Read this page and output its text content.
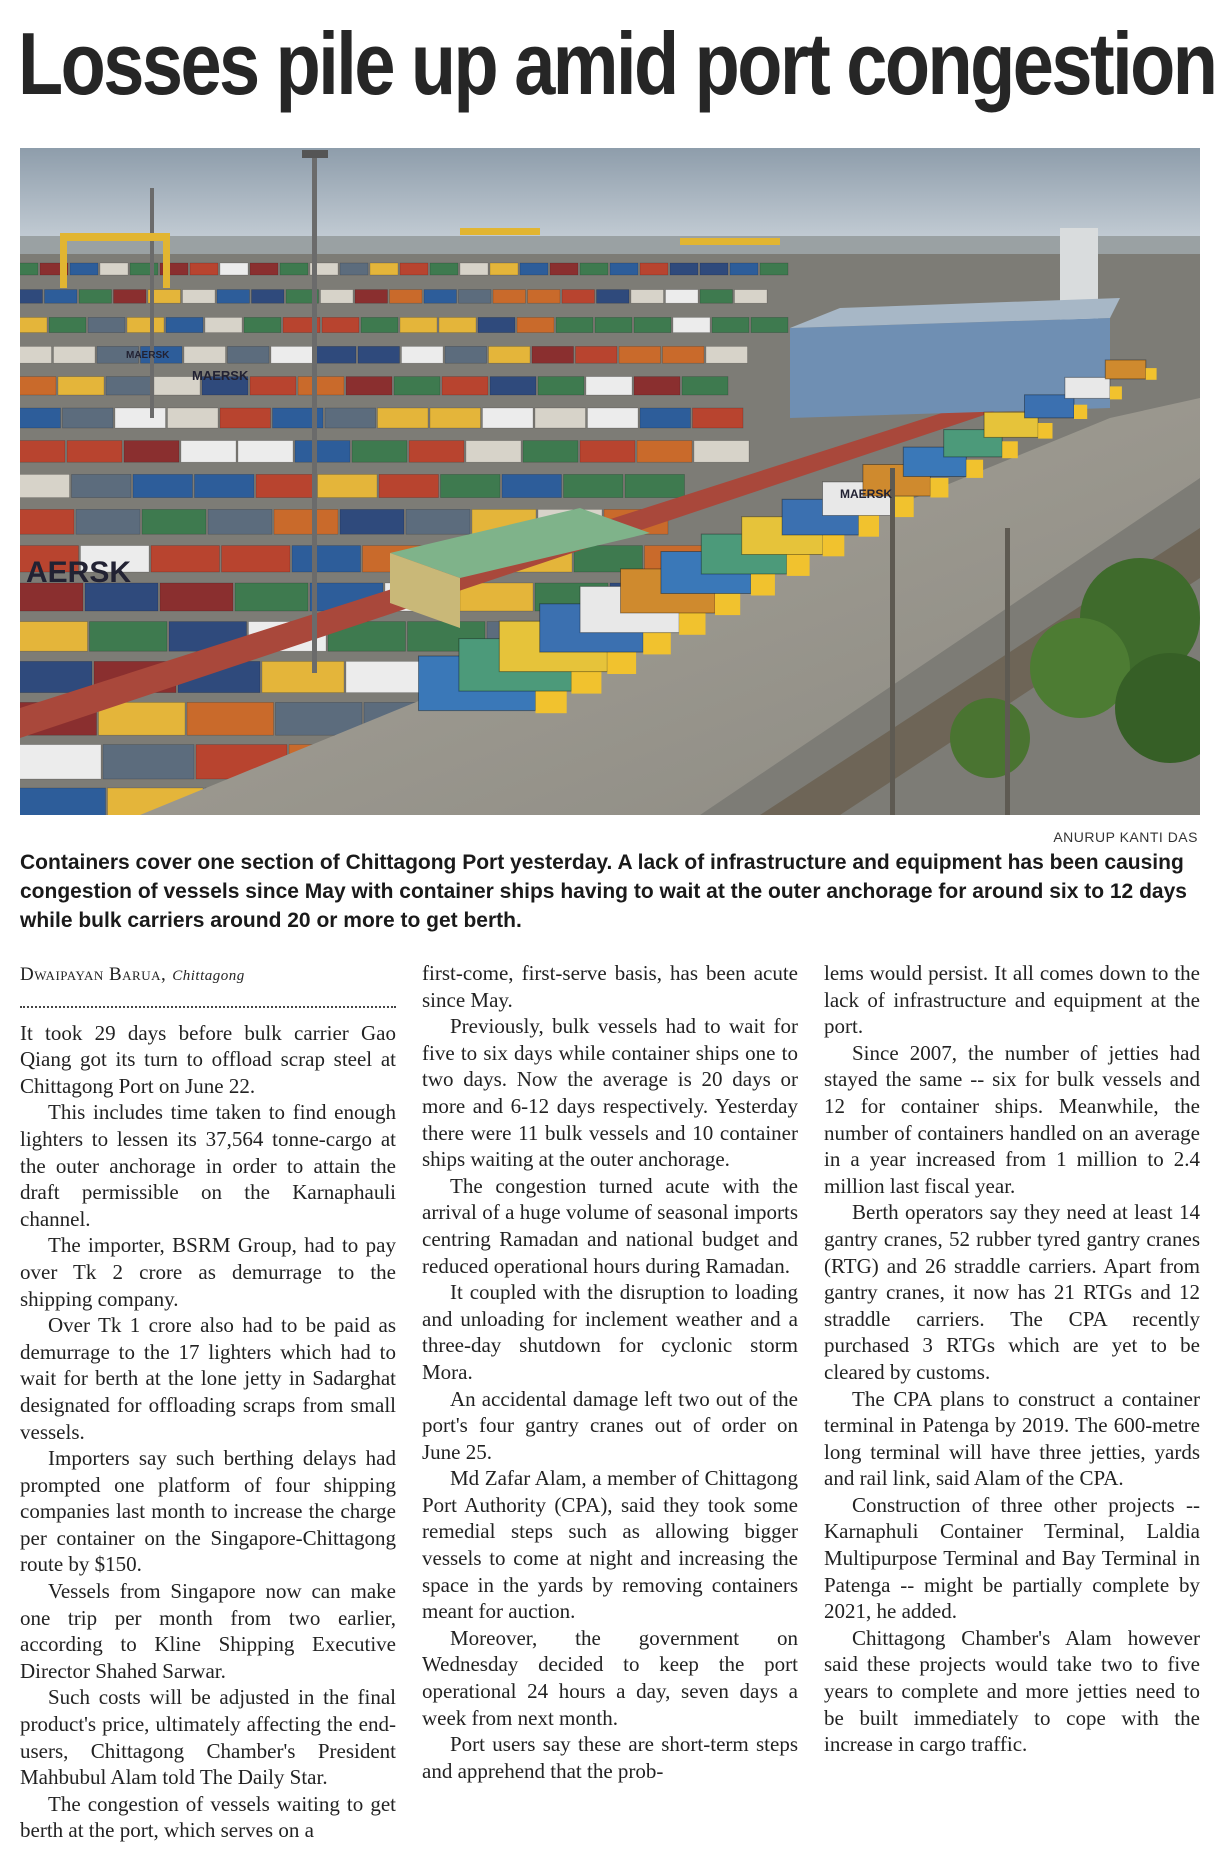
Losses pile up amid port congestion
AERSK
MAERSK
MAERSK
MAERSK
ANURUP KANTI DAS
Containers cover one section of Chittagong Port yesterday. A lack of infrastructure and equipment has been causing congestion of vessels since May with container ships having to wait at the outer anchorage for around six to 12 days while bulk carriers around 20 or more to get berth.
Dwaipayan Barua, Chittagong

It took 29 days before bulk carrier Gao Qiang got its turn to offload scrap steel at Chittagong Port on June 22.

This includes time taken to find enough lighters to lessen its 37,564 tonne-cargo at the outer anchorage in order to attain the draft permissible on the Karnaphauli channel.

The importer, BSRM Group, had to pay over Tk 2 crore as demurrage to the shipping company.

Over Tk 1 crore also had to be paid as demurrage to the 17 lighters which had to wait for berth at the lone jetty in Sadarghat designated for offloading scraps from small vessels.

Importers say such berthing delays had prompted one platform of four shipping companies last month to increase the charge per container on the Singapore-Chittagong route by $150.

Vessels from Singapore now can make one trip per month from two earlier, according to Kline Shipping Executive Director Shahed Sarwar.

Such costs will be adjusted in the final product's price, ultimately affecting the end-users, Chittagong Chamber's President Mahbubul Alam told The Daily Star.

The congestion of vessels waiting to get berth at the port, which serves on a

first-come, first-serve basis, has been acute since May.

Previously, bulk vessels had to wait for five to six days while container ships one to two days. Now the average is 20 days or more and 6-12 days respectively. Yesterday there were 11 bulk vessels and 10 container ships waiting at the outer anchorage.

The congestion turned acute with the arrival of a huge volume of seasonal imports centring Ramadan and national budget and reduced operational hours during Ramadan.

It coupled with the disruption to loading and unloading for inclement weather and a three-day shutdown for cyclonic storm Mora.

An accidental damage left two out of the port's four gantry cranes out of order on June 25.

Md Zafar Alam, a member of Chittagong Port Authority (CPA), said they took some remedial steps such as allowing bigger vessels to come at night and increasing the space in the yards by removing containers meant for auction.

Moreover, the government on Wednesday decided to keep the port operational 24 hours a day, seven days a week from next month.

Port users say these are short-term steps and apprehend that the prob-

lems would persist. It all comes down to the lack of infrastructure and equipment at the port.

Since 2007, the number of jetties had stayed the same -- six for bulk vessels and 12 for container ships. Meanwhile, the number of containers handled on an average in a year increased from 1 million to 2.4 million last fiscal year.

Berth operators say they need at least 14 gantry cranes, 52 rubber tyred gantry cranes (RTG) and 26 straddle carriers. Apart from gantry cranes, it now has 21 RTGs and 12 straddle carriers. The CPA recently purchased 3 RTGs which are yet to be cleared by customs.

The CPA plans to construct a container terminal in Patenga by 2019. The 600-metre long terminal will have three jetties, yards and rail link, said Alam of the CPA.

Construction of three other projects -- Karnaphuli Container Terminal, Laldia Multipurpose Terminal and Bay Terminal in Patenga -- might be partially complete by 2021, he added.

Chittagong Chamber's Alam however said these projects would take two to five years to complete and more jetties need to be built immediately to cope with the increase in cargo traffic.
